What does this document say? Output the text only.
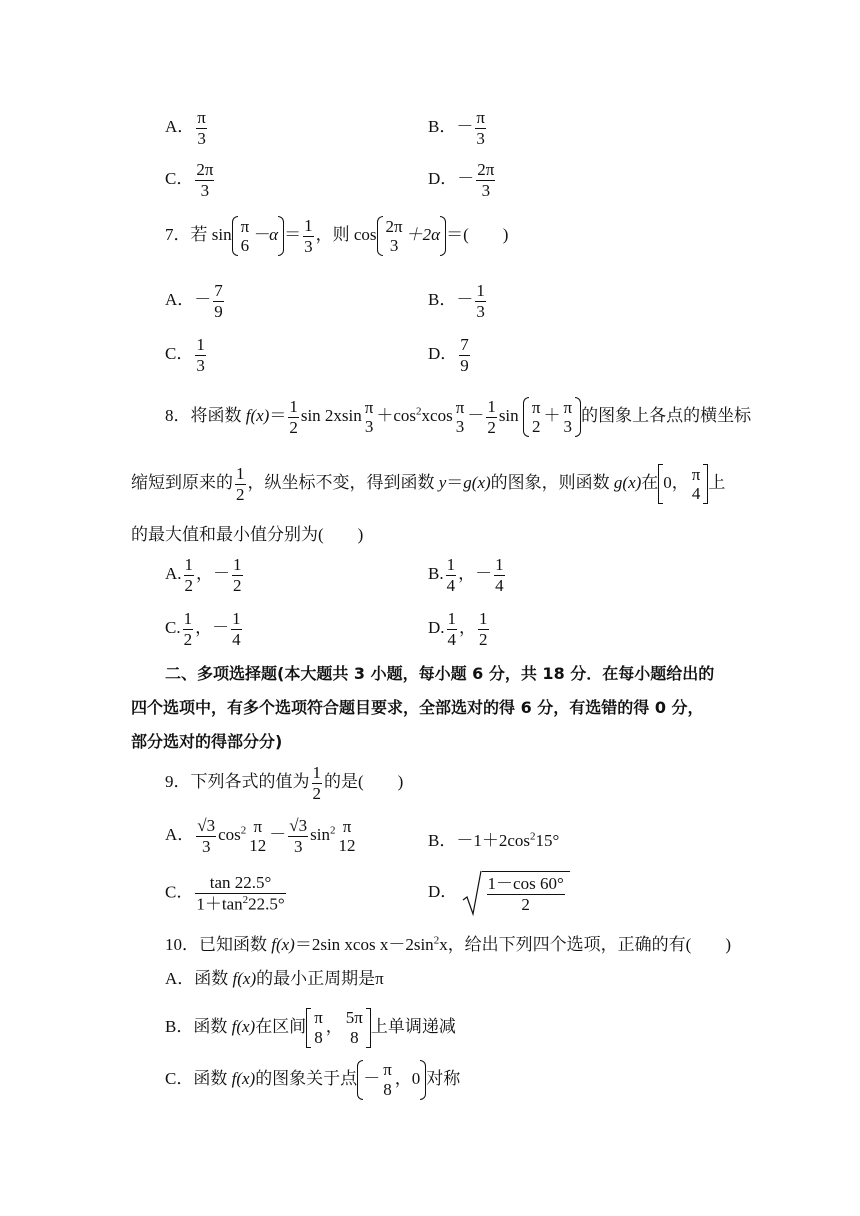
A． $\frac{\pi}{3}$	B．－ $\frac{\pi}{3}$
C． $\frac{2\pi}{3}$	D．－ $\frac{2\pi}{3}$
7．若 sin π
6
$-\alpha = \frac{1}{3}$ ，则 cos 2π
3
＋2α ＝(　　)
A．－ $\frac{7}{9}$	B．－ $\frac{1}{3}$
C． $\frac{1}{3}$	D． $\frac{7}{9}$
8．将函数 $f(x)= \frac{1}{2}$ sin 2xsin π
3
$+\cos^2xcos$ π
3
－ $\frac{1}{2}$ sin π
2
＋ π
3
的图象上各点的横坐标
缩短到原来的 $\frac{1}{2}$ ，纵坐标不变，得到函数 y＝g(x)的图象，则函数 g(x)在 0， π
4
上
的最大值和最小值分别为(　　)
A. $\frac{1}{2}$ ，－ $\frac{1}{2}$	B. $\frac{1}{4}$ ，－ $\frac{1}{4}$
C. $\frac{1}{2}$ ，－ $\frac{1}{4}$	D. $\frac{1}{4}$ ， $\frac{1}{2}$
二、多项选择题(本大题共 3 小题，每小题 6 分，共 18 分．在每小题给出的
四个选项中，有多个选项符合题目要求，全部选对的得 6 分，有选错的得 0 分，
部分选对的得部分分)
9．下列各式的值为 $\frac{1}{2}$ 的是(　　)
A． $\frac{√3}{3} \cos^2 \pi$
12
－ $\frac{√3}{3} \sin^2 \pi$
12	B．$-1+2\cos^215^\circ$
C． $\frac{\tan 22.5^\circ}{1+\tan^222.5^\circ}$	D． $\frac{1-\cos 60^\circ}{2}$
10．已知函数 f(x)＝2sin xcos $x-2\sin^2x$，给出下列四个选项，正确的有(　　)
A．函数 f(x)的最小正周期是π
B．函数 f(x)在区间 π
8
， 5π
8
上单调递减
C．函数 f(x)的图象关于点 － π
8
，0 对称
